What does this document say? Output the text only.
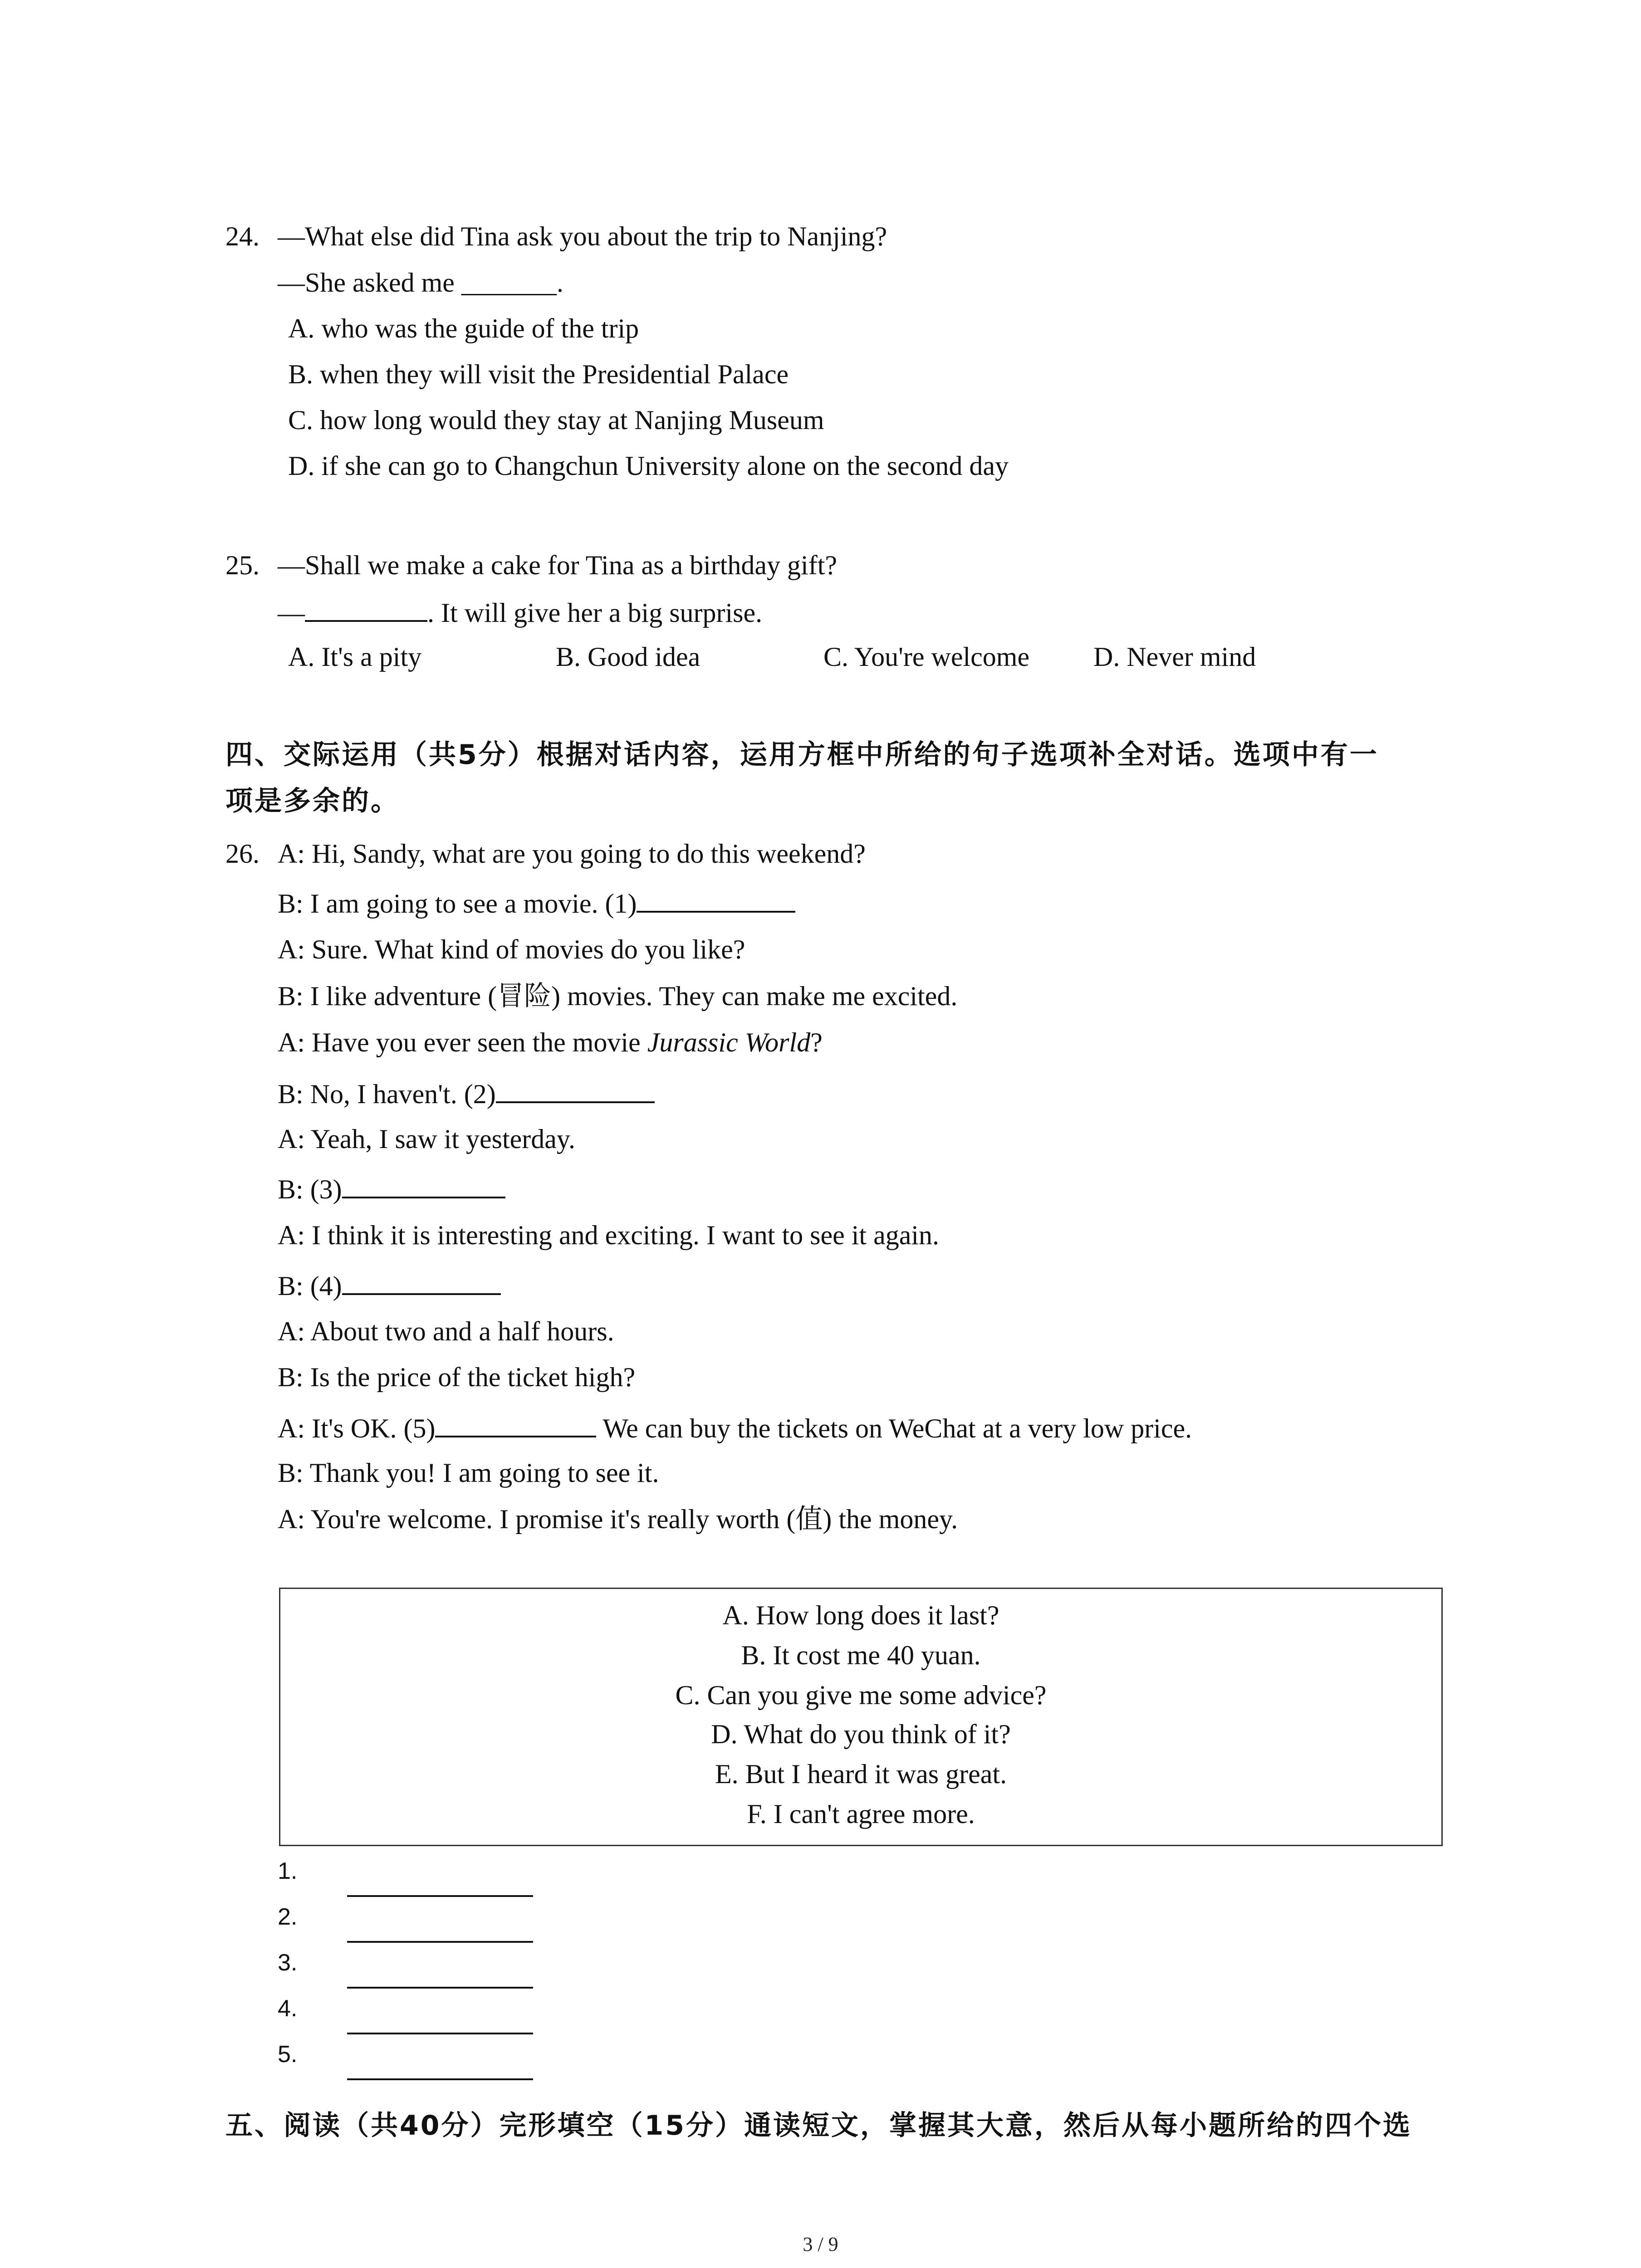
24. —What else did Tina ask you about the trip to Nanjing?
—She asked me _______.
A. who was the guide of the trip
B. when they will visit the Presidential Palace
C. how long would they stay at Nanjing Museum
D. if she can go to Changchun University alone on the second day
25. —Shall we make a cake for Tina as a birthday gift?
—	. It will give her a big surprise.
A. It's a pity	B. Good idea	C. You're welcome D. Never mind
四、交际运用（共5分）根据对话内容，运用方框中所给的句子选项补全对话。选项中有一
项是多余的。
26. A: Hi, Sandy, what are you going to do this weekend?
B: I am going to see a movie. (1)
A: Sure. What kind of movies do you like?
B: I like adventure (冒险) movies. They can make me excited.
A: Have you ever seen the movie Jurassic World?
B: No, I haven't. (2)
A: Yeah, I saw it yesterday.
B: (3)
A: I think it is interesting and exciting. I want to see it again.
B: (4)
A: About two and a half hours.
B: Is the price of the ticket high?
A: It's OK. (5)	We can buy the tickets on WeChat at a very low price.
B: Thank you! I am going to see it.
A: You're welcome. I promise it's really worth (值) the money.
A. How long does it last?
B. It cost me 40 yuan.
C. Can you give me some advice?
D. What do you think of it?
E. But I heard it was great.
F. I can't agree more.
1.
2.
3.
4.
5.
五、阅读（共40分）完形填空（15分）通读短文，掌握其大意，然后从每小题所给的四个选
3 / 9
